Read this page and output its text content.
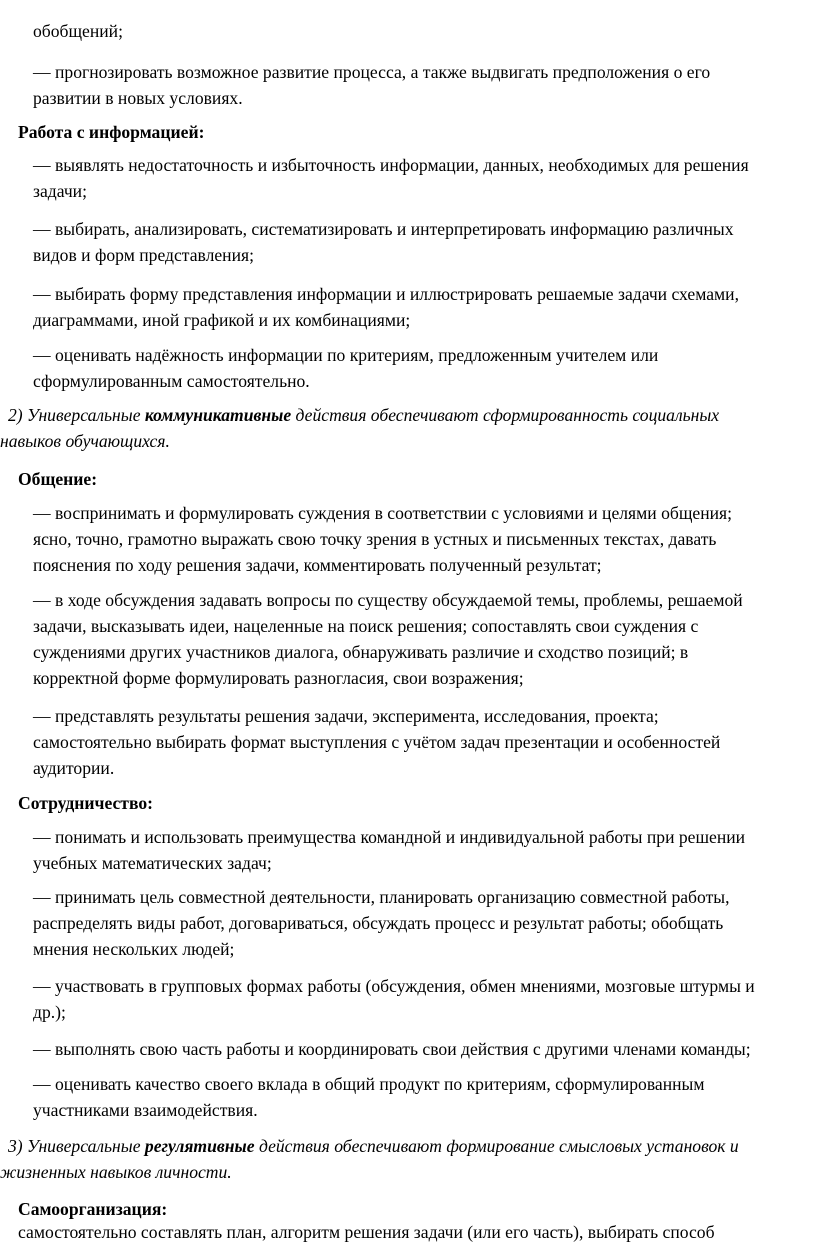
обобщений;
— прогнозировать возможное развитие процесса, а также выдвигать предположения о его
развитии в новых условиях.
Работа с информацией:
— выявлять недостаточность и избыточность информации, данных, необходимых для решения
задачи;
— выбирать, анализировать, систематизировать и интерпретировать информацию различных
видов и форм представления;
— выбирать форму представления информации и иллюстрировать решаемые задачи схемами,
диаграммами, иной графикой и их комбинациями;
— оценивать надёжность информации по критериям, предложенным учителем или
сформулированным самостоятельно.
2) Универсальные коммуникативные действия обеспечивают сформированность социальных
навыков обучающихся.
Общение:
— воспринимать и формулировать суждения в соответствии с условиями и целями общения;
ясно, точно, грамотно выражать свою точку зрения в устных и письменных текстах, давать
пояснения по ходу решения задачи, комментировать полученный результат;
— в ходе обсуждения задавать вопросы по существу обсуждаемой темы, проблемы, решаемой
задачи, высказывать идеи, нацеленные на поиск решения; сопоставлять свои суждения с
суждениями других участников диалога, обнаруживать различие и сходство позиций; в
корректной форме формулировать разногласия, свои возражения;
— представлять результаты решения задачи, эксперимента, исследования, проекта;
самостоятельно выбирать формат выступления с учётом задач презентации и особенностей
аудитории.
Сотрудничество:
— понимать и использовать преимущества командной и индивидуальной работы при решении
учебных математических задач;
— принимать цель совместной деятельности, планировать организацию совместной работы,
распределять виды работ, договариваться, обсуждать процесс и результат работы; обобщать
мнения нескольких людей;
— участвовать в групповых формах работы (обсуждения, обмен мнениями, мозговые штурмы и
др.);
— выполнять свою часть работы и координировать свои действия с другими членами команды;
— оценивать качество своего вклада в общий продукт по критериям, сформулированным
участниками взаимодействия.
3) Универсальные регулятивные действия обеспечивают формирование смысловых установок и
жизненных навыков личности.
Самоорганизация:
самостоятельно составлять план, алгоритм решения задачи (или его часть), выбирать способ
